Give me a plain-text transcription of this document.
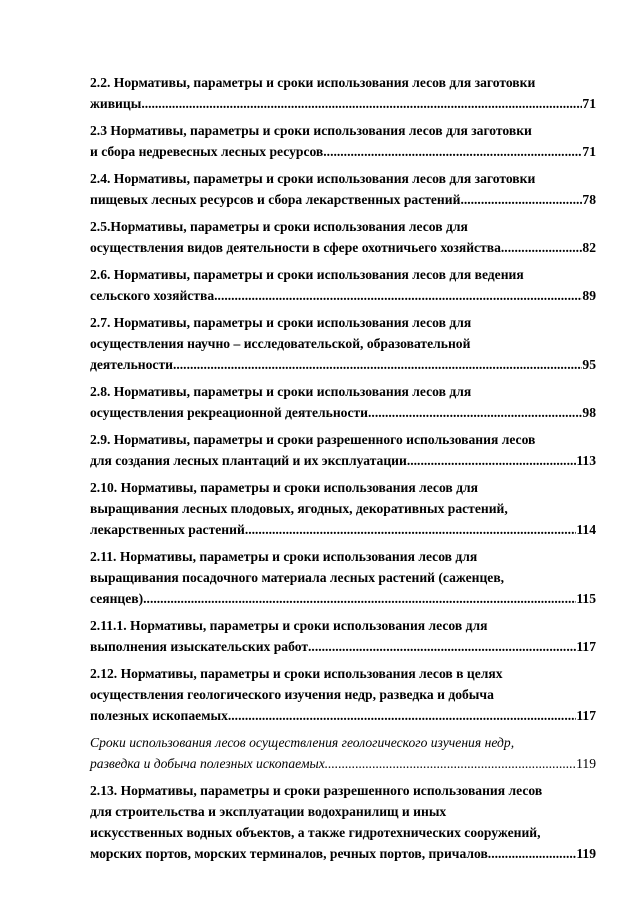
2.2. Нормативы, параметры и сроки использования лесов для заготовки
живицы .....	71
2.3 Нормативы, параметры и сроки использования лесов для заготовки
и сбора недревесных лесных ресурсов .....	71
2.4. Нормативы, параметры и сроки использования лесов для заготовки
пищевых лесных ресурсов и сбора лекарственных растений .....	78
2.5.Нормативы, параметры и сроки использования лесов для
осуществления видов деятельности в сфере охотничьего хозяйства .....	82
2.6. Нормативы, параметры и сроки использования лесов для ведения
сельского хозяйства .....	89
2.7. Нормативы, параметры и сроки использования лесов для
осуществления научно – исследовательской, образовательной
деятельности .....	95
2.8. Нормативы, параметры и сроки использования лесов для
осуществления рекреационной деятельности .....	98
2.9. Нормативы, параметры и сроки разрешенного использования лесов
для создания лесных плантаций и их эксплуатации .....	113
2.10. Нормативы, параметры и сроки использования лесов для
выращивания лесных плодовых, ягодных, декоративных растений,
лекарственных растений .....	114
2.11. Нормативы, параметры и сроки использования лесов для
выращивания посадочного материала лесных растений (саженцев,
сеянцев) .....	115
2.11.1. Нормативы, параметры и сроки использования лесов для
выполнения изыскательских работ .....	117
2.12. Нормативы, параметры и сроки использования лесов в целях
осуществления геологического изучения недр, разведка и добыча
полезных ископаемых .....	117
Сроки использования лесов осуществления геологического изучения недр,
разведка и добыча полезных ископаемых .....	119
2.13. Нормативы, параметры и сроки разрешенного использования лесов
для строительства и эксплуатации водохранилищ и иных
искусственных водных объектов, а также гидротехнических сооружений,
морских портов, морских терминалов, речных портов, причалов .....	119
